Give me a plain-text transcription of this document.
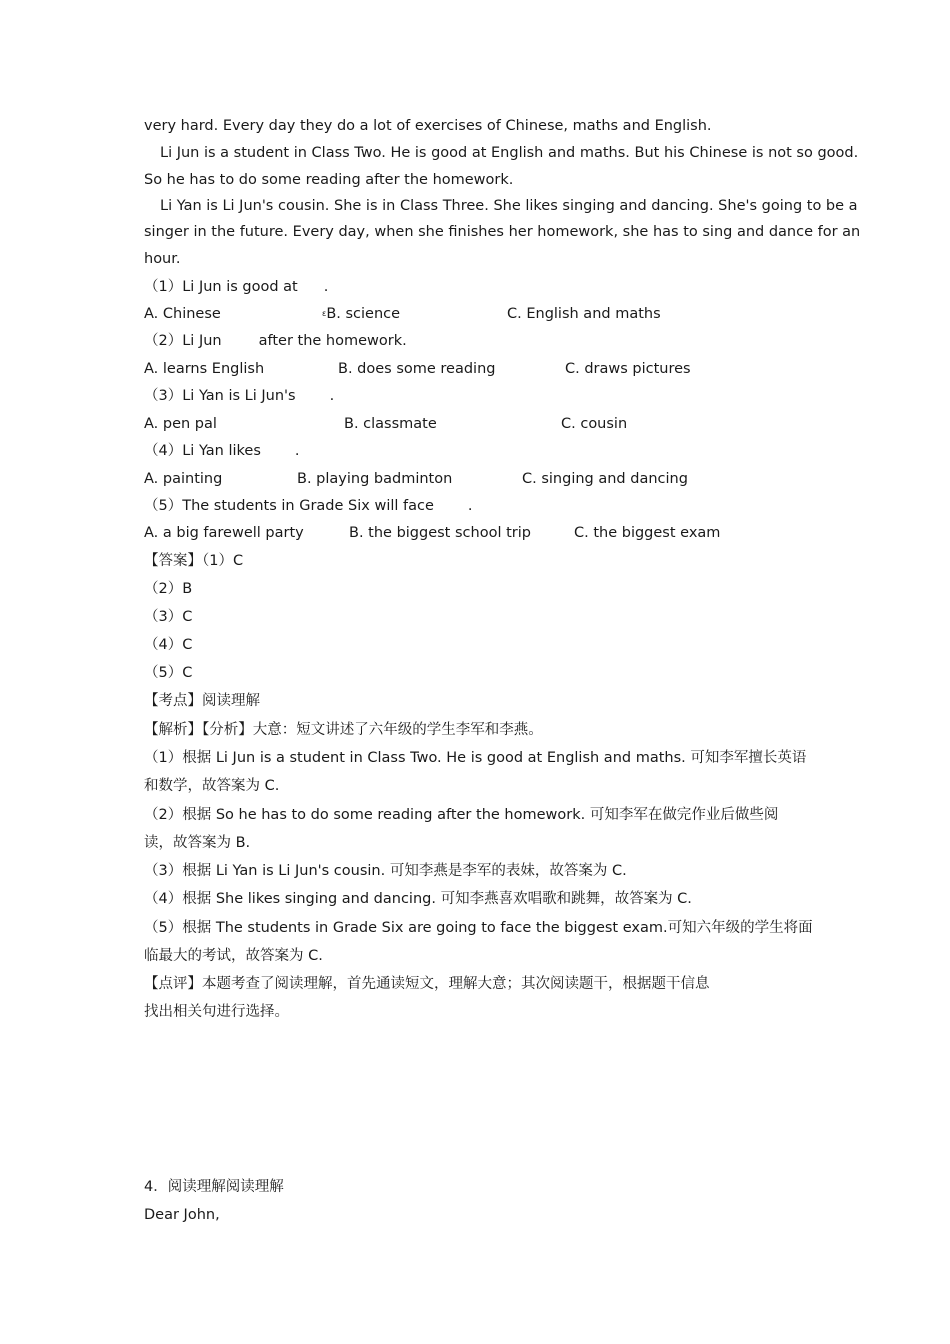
very hard. Every day they do a lot of exercises of Chinese, maths and English.
Li Jun is a student in Class Two. He is good at English and maths. But his Chinese is not so good.
So he has to do some reading after the homework.
Li Yan is Li Jun's cousin. She is in Class Three. She likes singing and dancing. She's going to be a
singer in the future. Every day, when she finishes her homework, she has to sing and dance for an
hour.
（1）Li Jun is good at .
A. Chinese	ɛB. science	C. English and maths
（2）Li Jun	after the homework.
A. learns English	B. does some reading	C. draws pictures
（3）Li Yan is Li Jun's .
A. pen pal	B. classmate	C. cousin
（4）Li Yan likes .
A. painting	B. playing badminton	C. singing and dancing
（5）The students in Grade Six will face .
A. a big farewell party	B. the biggest school trip	C. the biggest exam
【答案】（1）C
（2）B
（3）C
（4）C
（5）C
【考点】阅读理解
【解析】【分析】大意：短文讲述了六年级的学生李军和李燕。
（1）根据 Li Jun is a student in Class Two. He is good at English and maths. 可知李军擅长英语
和数学，故答案为 C.
（2）根据 So he has to do some reading after the homework. 可知李军在做完作业后做些阅
读，故答案为 B.
（3）根据 Li Yan is Li Jun's cousin. 可知李燕是李军的表妹，故答案为 C.
（4）根据 She likes singing and dancing. 可知李燕喜欢唱歌和跳舞，故答案为 C.
（5）根据 The students in Grade Six are going to face the biggest exam.可知六年级的学生将面
临最大的考试，故答案为 C.
【点评】本题考查了阅读理解，首先通读短文，理解大意；其次阅读题干，根据题干信息
找出相关句进行选择。
4．阅读理解阅读理解
Dear John,
